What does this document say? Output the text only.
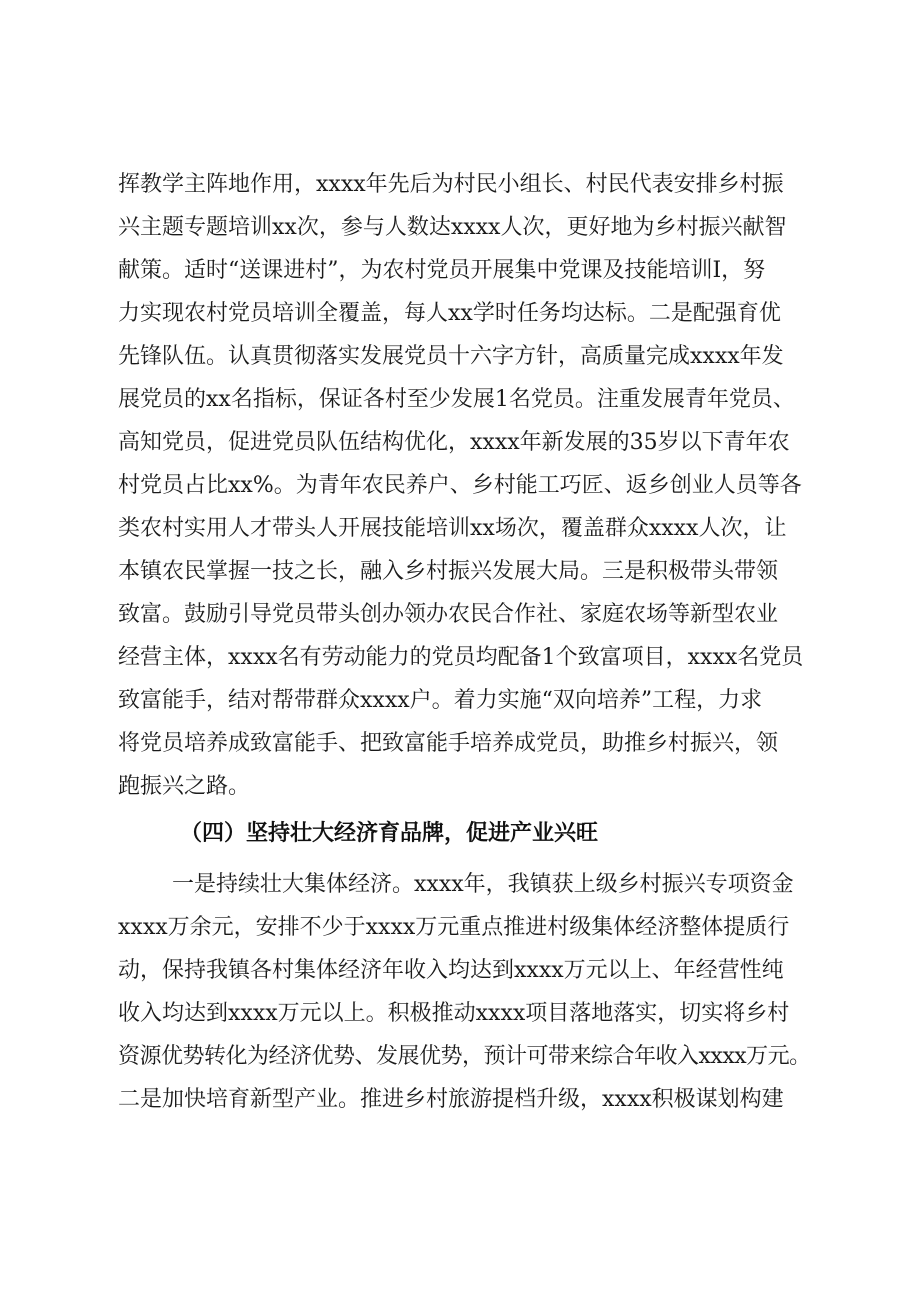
挥教学主阵地作用，xxxx年先后为村民小组长、村民代表安排乡村振
兴主题专题培训xx次，参与人数达xxxx人次，更好地为乡村振兴献智
献策。适时“送课进村”，为农村党员开展集中党课及技能培训I，努
力实现农村党员培训全覆盖，每人xx学时任务均达标。二是配强育优
先锋队伍。认真贯彻落实发展党员十六字方针，高质量完成xxxx年发
展党员的xx名指标，保证各村至少发展1名党员。注重发展青年党员、
高知党员，促进党员队伍结构优化，xxxx年新发展的35岁以下青年农
村党员占比xx%。为青年农民养户、乡村能工巧匠、返乡创业人员等各
类农村实用人才带头人开展技能培训xx场次，覆盖群众xxxx人次，让
本镇农民掌握一技之长，融入乡村振兴发展大局。三是积极带头带领
致富。鼓励引导党员带头创办领办农民合作社、家庭农场等新型农业
经营主体，xxxx名有劳动能力的党员均配备1个致富项目，xxxx名党员
致富能手，结对帮带群众xxxx户。着力实施“双向培养”工程，力求
将党员培养成致富能手、把致富能手培养成党员，助推乡村振兴，领
跑振兴之路。
（四）坚持壮大经济育品牌，促进产业兴旺
一是持续壮大集体经济。xxxx年，我镇获上级乡村振兴专项资金
xxxx万余元，安排不少于xxxx万元重点推进村级集体经济整体提质行
动，保持我镇各村集体经济年收入均达到xxxx万元以上、年经营性纯
收入均达到xxxx万元以上。积极推动xxxx项目落地落实，切实将乡村
资源优势转化为经济优势、发展优势，预计可带来综合年收入xxxx万元。
二是加快培育新型产业。推进乡村旅游提档升级，xxxx积极谋划构建
